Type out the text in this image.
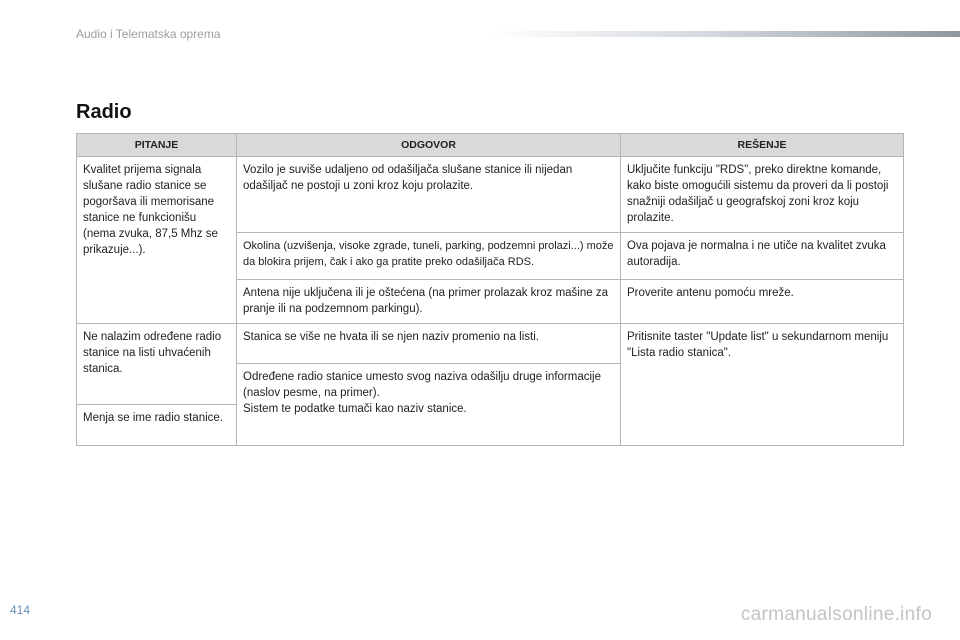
Audio i Telematska oprema
Radio
PITANJE	ODGOVOR	REŠENJE
Kvalitet prijema signala slušane radio stanice se pogoršava ili memorisane stanice ne funkcionišu (nema zvuka, 87,5 Mhz se prikazuje...).	Vozilo je suviše udaljeno od odašiljača slušane stanice ili nijedan odašiljač ne postoji u zoni kroz koju prolazite.	Uključite funkciju "RDS", preko direktne komande, kako biste omogućili sistemu da proveri da li postoji snažniji odašiljač u geografskoj zoni kroz koju prolazite.
	Okolina (uzvišenja, visoke zgrade, tuneli, parking, podzemni prolazi...) može da blokira prijem, čak i ako ga pratite preko odašiljača RDS.	Ova pojava je normalna i ne utiče na kvalitet zvuka autoradija.
	Antena nije uključena ili je oštećena (na primer prolazak kroz mašine za pranje ili na podzemnom parkingu).	Proverite antenu pomoću mreže.
Ne nalazim određene radio stanice na listi uhvaćenih stanica.	Stanica se više ne hvata ili se njen naziv promenio na listi.	Pritisnite taster "Update list" u sekundarnom meniju "Lista radio stanica".

	Određene radio stanice umesto svog naziva odašilju druge informacije (naslov pesme, na primer).
Sistem te podatke tumači kao naziv stanice.	

Menja se ime radio stanice.		
414	carmanualsonline.info
